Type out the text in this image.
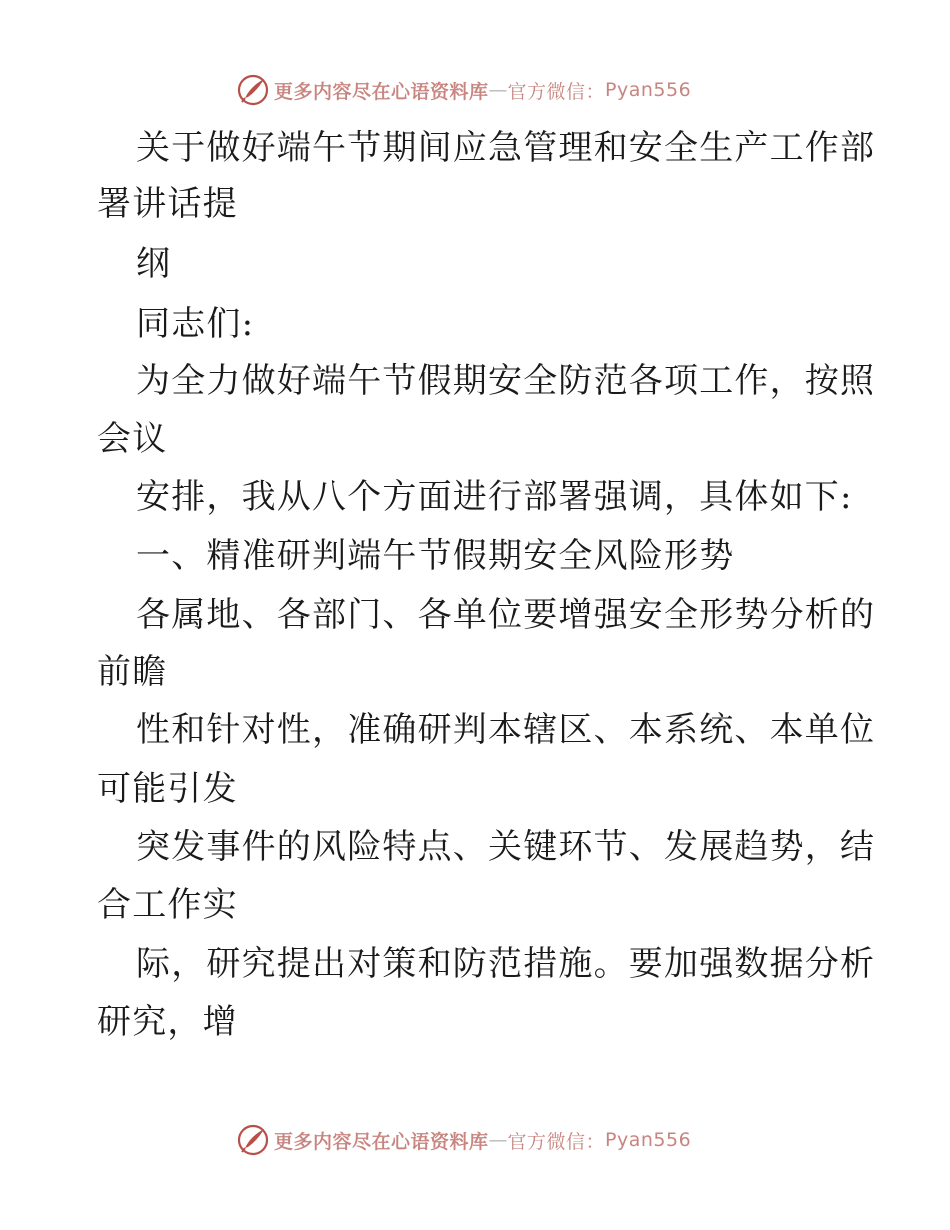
更多内容尽在心语资料库 — 官方微信： Pyan556
关于做好端午节期间应急管理和安全生产工作部
署讲话提
纲
同志们:
为全力做好端午节假期安全防范各项工作，按照
会议
安排，我从八个方面进行部署强调，具体如下:
一、精准研判端午节假期安全风险形势
各属地、各部门、各单位要增强安全形势分析的
前瞻
性和针对性，准确研判本辖区、本系统、本单位
可能引发
突发事件的风险特点、关键环节、发展趋势，结
合工作实
际，研究提出对策和防范措施。要加强数据分析
研究，增
更多内容尽在心语资料库 — 官方微信： Pyan556
